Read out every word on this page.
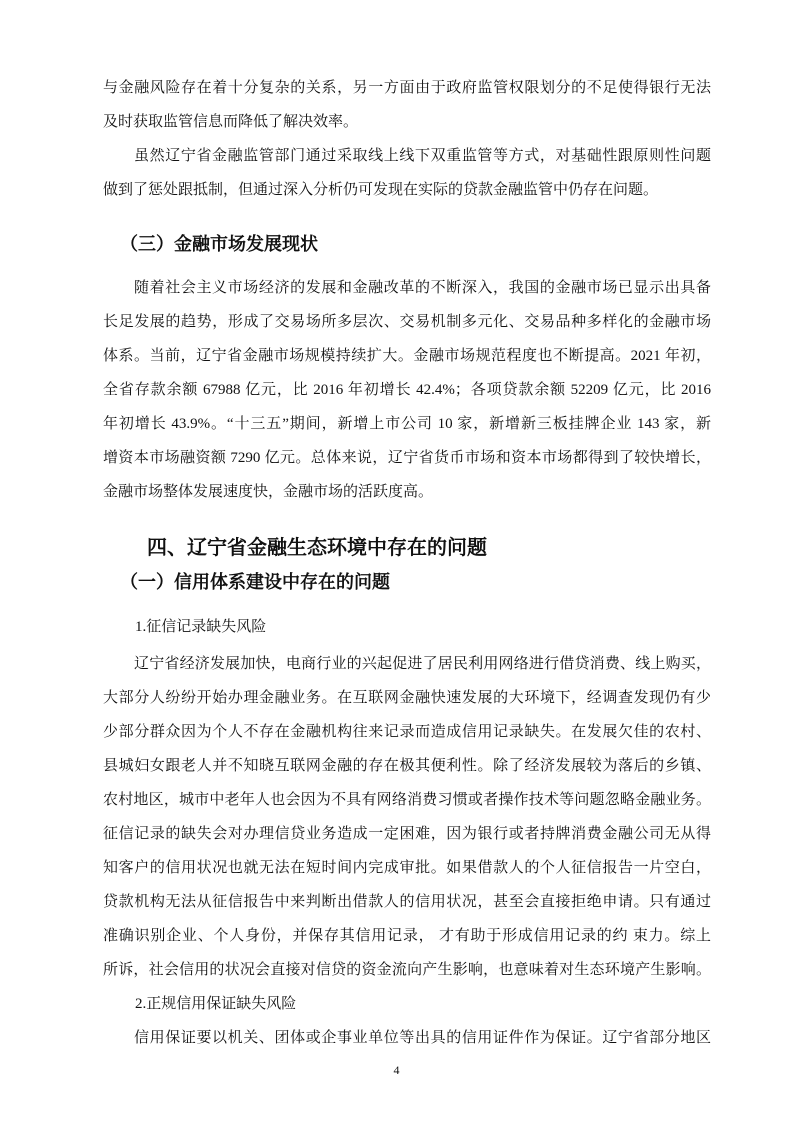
与金融风险存在着十分复杂的关系，另一方面由于政府监管权限划分的不足使得银行无法
及时获取监管信息而降低了解决效率。
虽然辽宁省金融监管部门通过采取线上线下双重监管等方式，对基础性跟原则性问题
做到了惩处跟抵制，但通过深入分析仍可发现在实际的贷款金融监管中仍存在问题。
（三）金融市场发展现状
随着社会主义市场经济的发展和金融改革的不断深入，我国的金融市场已显示出具备
长足发展的趋势，形成了交易场所多层次、交易机制多元化、交易品种多样化的金融市场
体系。当前，辽宁省金融市场规模持续扩大。金融市场规范程度也不断提高。2021 年初，
全省存款余额 67988 亿元，比 2016 年初增长 42.4%；各项贷款余额 52209 亿元，比 2016
年初增长 43.9%。“十三五”期间，新增上市公司 10 家，新增新三板挂牌企业 143 家，新
增资本市场融资额 7290 亿元。总体来说，辽宁省货币市场和资本市场都得到了较快增长，
金融市场整体发展速度快，金融市场的活跃度高。
四、辽宁省金融生态环境中存在的问题
（一）信用体系建设中存在的问题
1.征信记录缺失风险
辽宁省经济发展加快，电商行业的兴起促进了居民利用网络进行借贷消费、线上购买，
大部分人纷纷开始办理金融业务。在互联网金融快速发展的大环境下，经调查发现仍有少
少部分群众因为个人不存在金融机构往来记录而造成信用记录缺失。在发展欠佳的农村、
县城妇女跟老人并不知晓互联网金融的存在极其便利性。除了经济发展较为落后的乡镇、
农村地区，城市中老年人也会因为不具有网络消费习惯或者操作技术等问题忽略金融业务。
征信记录的缺失会对办理信贷业务造成一定困难，因为银行或者持牌消费金融公司无从得
知客户的信用状况也就无法在短时间内完成审批。如果借款人的个人征信报告一片空白，
贷款机构无法从征信报告中来判断出借款人的信用状况，甚至会直接拒绝申请。只有通过
准确识别企业、个人身份，并保存其信用记录， 才有助于形成信用记录的约 束力。综上
所诉，社会信用的状况会直接对信贷的资金流向产生影响，也意味着对生态环境产生影响。
2.正规信用保证缺失风险
信用保证要以机关、团体或企事业单位等出具的信用证件作为保证。辽宁省部分地区
4
